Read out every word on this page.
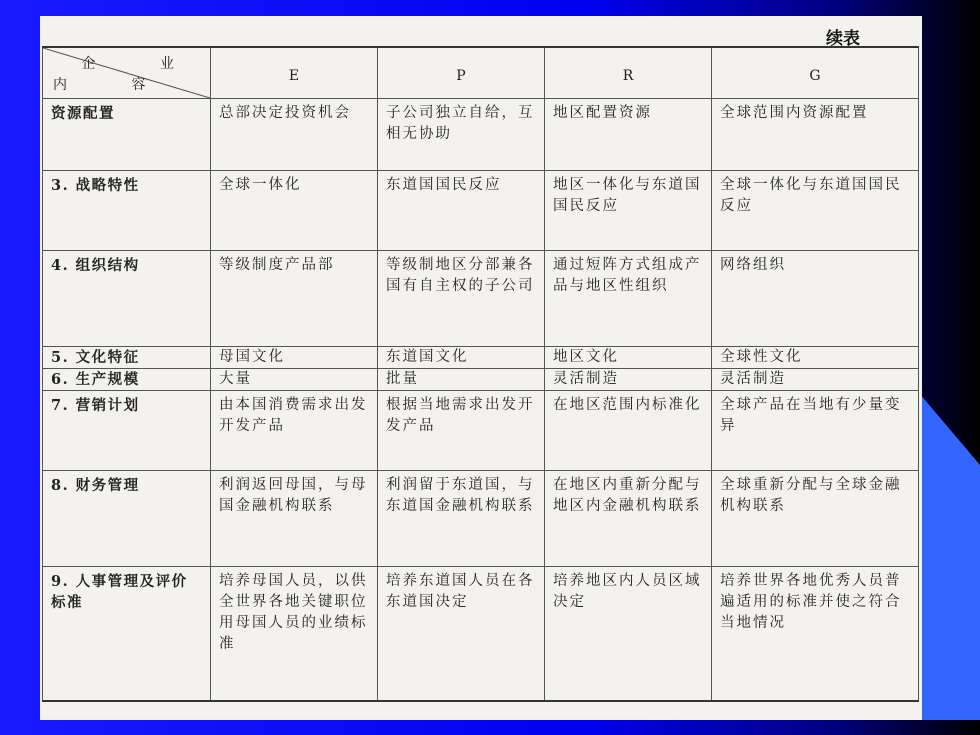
续表
企 业
内 容	E	P	R	G
资源配置	总部决定投资机会	子公司独立自给，互相无协助	地区配置资源	全球范围内资源配置
3. 战略特性	全球一体化	东道国国民反应	地区一体化与东道国国民反应	全球一体化与东道国国民反应
4. 组织结构	等级制度产品部	等级制地区分部兼各国有自主权的子公司	通过短阵方式组成产品与地区性组织	网络组织
5. 文化特征	母国文化	东道国文化	地区文化	全球性文化
6. 生产规模	大量	批量	灵活制造	灵活制造
7. 营销计划	由本国消费需求出发开发产品	根据当地需求出发开发产品	在地区范围内标准化	全球产品在当地有少量变异
8. 财务管理	利润返回母国，与母国金融机构联系	利润留于东道国，与东道国金融机构联系	在地区内重新分配与地区内金融机构联系	全球重新分配与全球金融机构联系
9. 人事管理及评价标准	培养母国人员，以供全世界各地关键职位用母国人员的业绩标准	培养东道国人员在各东道国决定	培养地区内人员区域决定	培养世界各地优秀人员普遍适用的标准并使之符合当地情况
